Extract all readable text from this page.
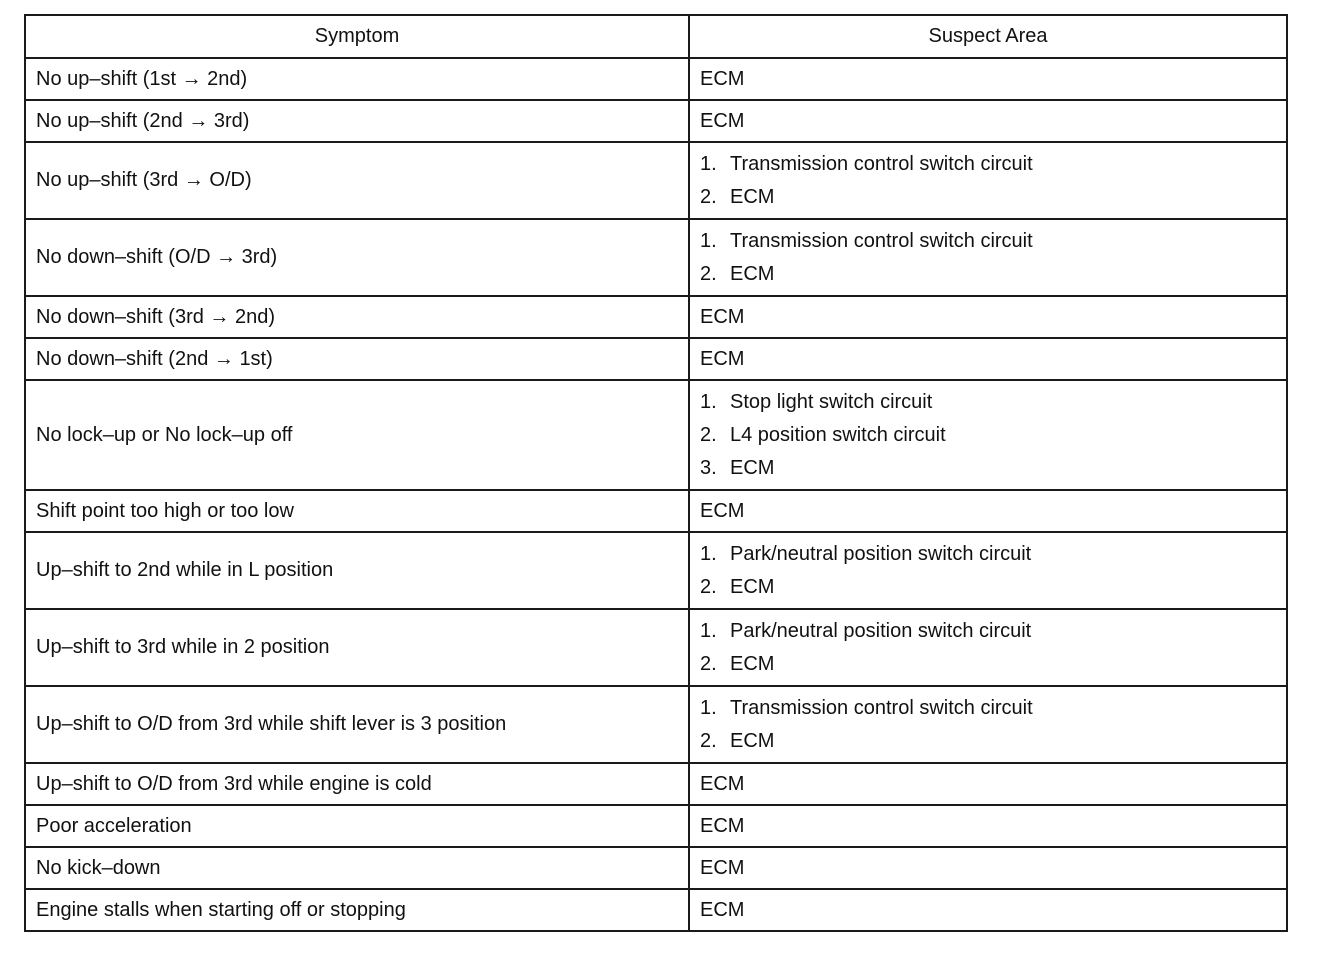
Symptom	Suspect Area
No up–shift (1st → 2nd)	ECM

No up–shift (2nd → 3rd)	ECM

No up–shift (3rd → O/D)	1. Transmission control switch circuit
2. ECM

No down–shift (O/D → 3rd)	1. Transmission control switch circuit
2. ECM

No down–shift (3rd → 2nd)	ECM

No down–shift (2nd → 1st)	ECM

No lock–up or No lock–up off	1. Stop light switch circuit
2. L4 position switch circuit
3. ECM

Shift point too high or too low	ECM

Up–shift to 2nd while in L position	1. Park/neutral position switch circuit
2. ECM

Up–shift to 3rd while in 2 position	1. Park/neutral position switch circuit
2. ECM

Up–shift to O/D from 3rd while shift lever is 3 position	1. Transmission control switch circuit
2. ECM

Up–shift to O/D from 3rd while engine is cold	ECM

Poor acceleration	ECM

No kick–down	ECM

Engine stalls when starting off or stopping	ECM
